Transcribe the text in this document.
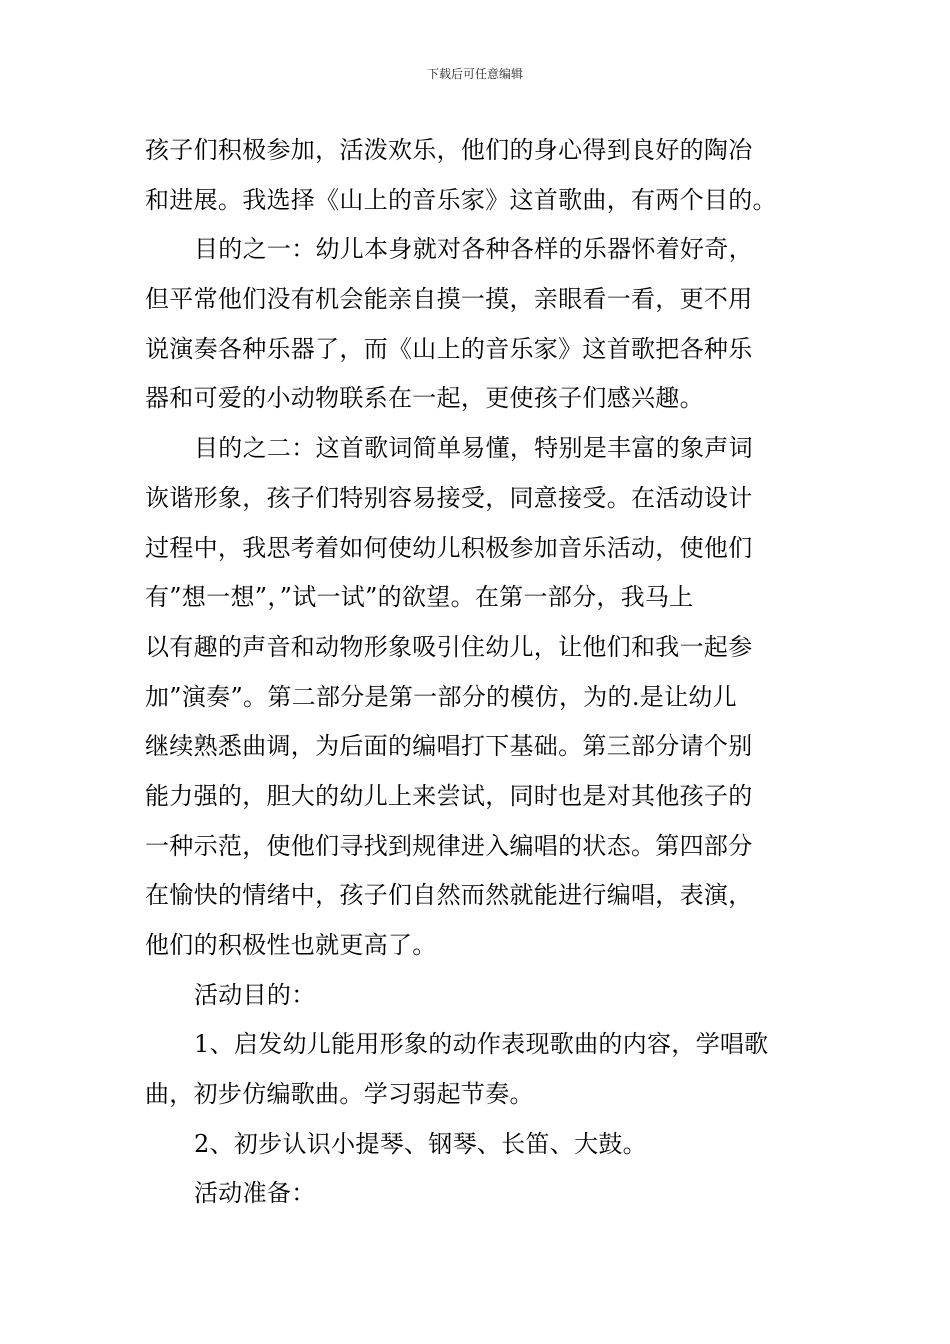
下载后可任意编辑
孩子们积极参加，活泼欢乐，他们的身心得到良好的陶冶
和进展。我选择《山上的音乐家》这首歌曲，有两个目的。
目的之一：幼儿本身就对各种各样的乐器怀着好奇，
但平常他们没有机会能亲自摸一摸，亲眼看一看，更不用
说演奏各种乐器了，而《山上的音乐家》这首歌把各种乐
器和可爱的小动物联系在一起，更使孩子们感兴趣。
目的之二：这首歌词简单易懂，特别是丰富的象声词
诙谐形象，孩子们特别容易接受，同意接受。在活动设计
过程中，我思考着如何使幼儿积极参加音乐活动，使他们
有”想一想”，”试一试”的欲望。在第一部分，我马上
以有趣的声音和动物形象吸引住幼儿，让他们和我一起参
加”演奏”。第二部分是第一部分的模仿，为的.是让幼儿
继续熟悉曲调，为后面的编唱打下基础。第三部分请个别
能力强的，胆大的幼儿上来尝试，同时也是对其他孩子的
一种示范，使他们寻找到规律进入编唱的状态。第四部分
在愉快的情绪中，孩子们自然而然就能进行编唱，表演，
他们的积极性也就更高了。
活动目的：
1、启发幼儿能用形象的动作表现歌曲的内容，学唱歌
曲，初步仿编歌曲。学习弱起节奏。
2、初步认识小提琴、钢琴、长笛、大鼓。
活动准备：
